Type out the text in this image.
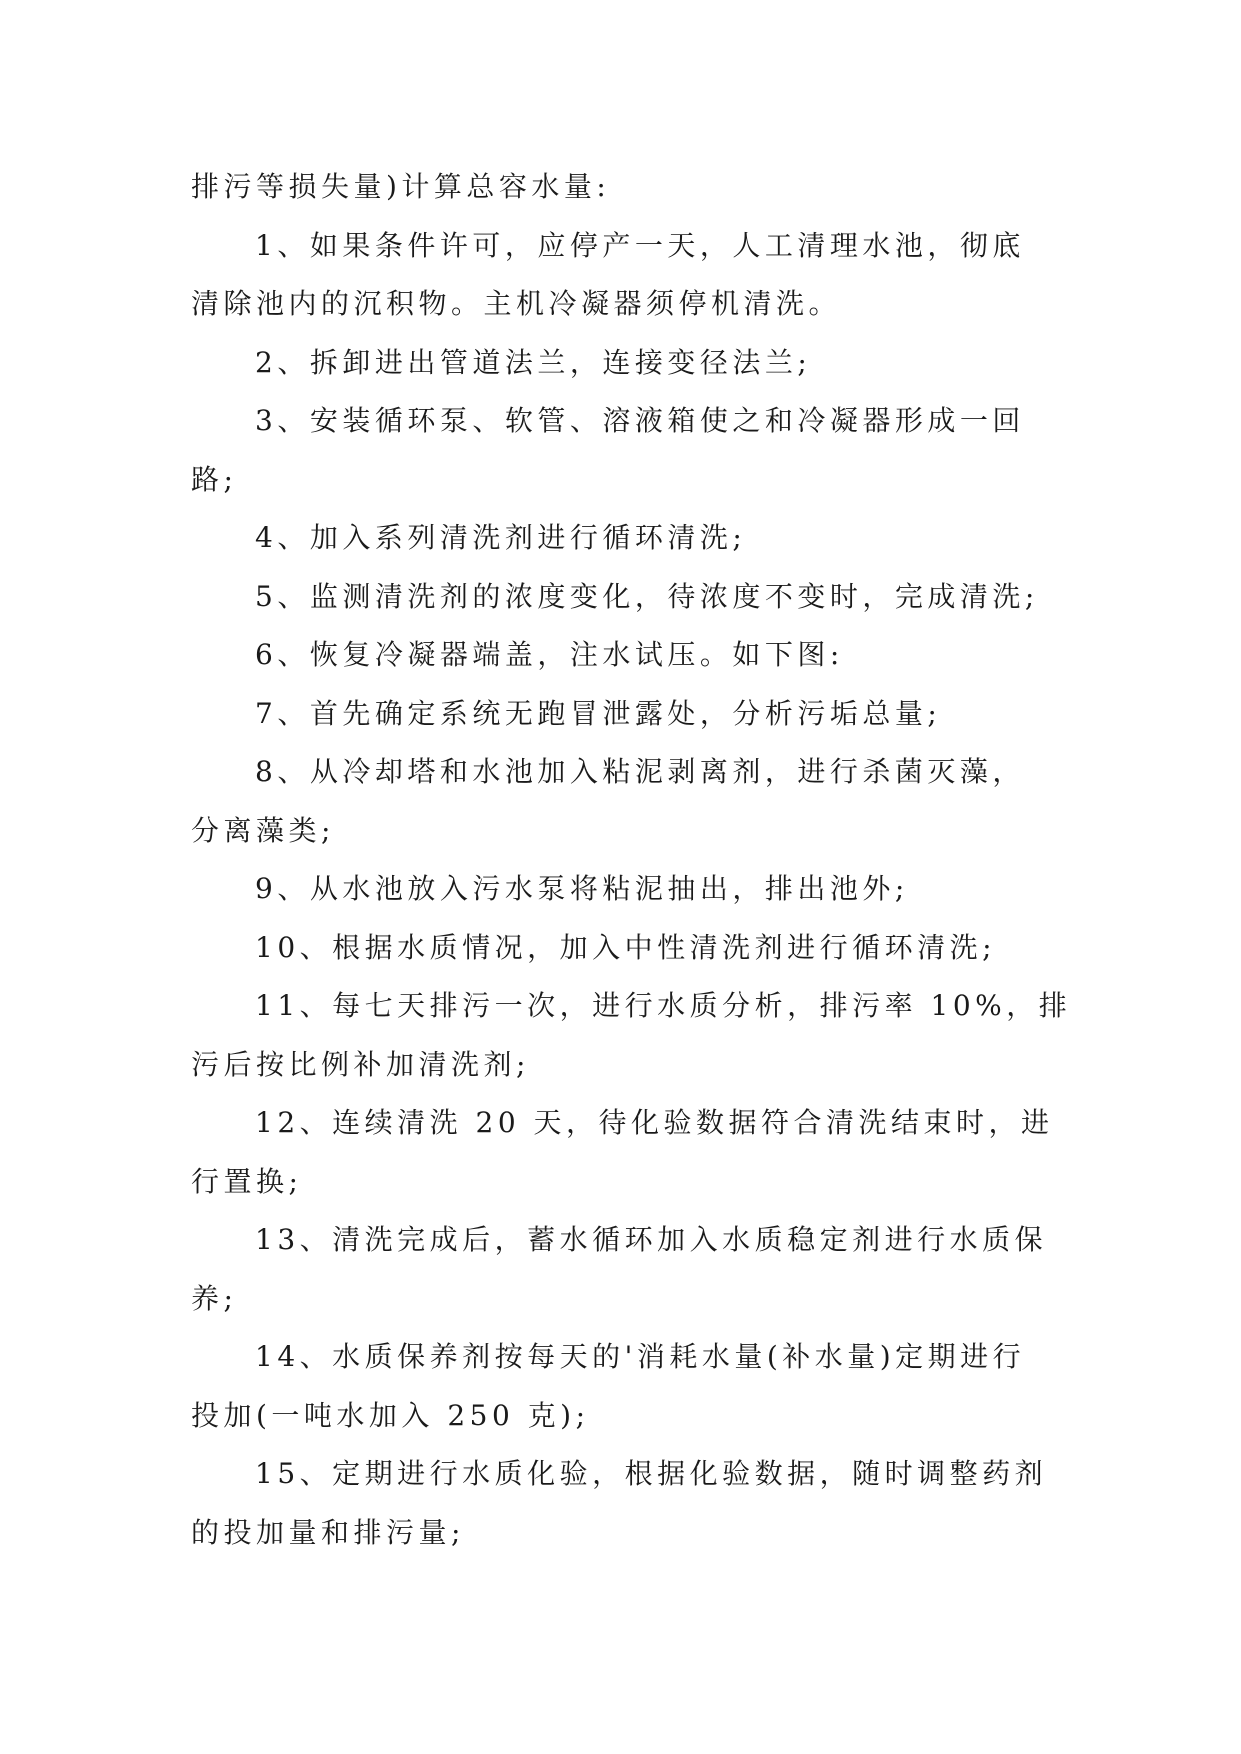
排污等损失量)计算总容水量:
1、如果条件许可，应停产一天，人工清理水池，彻底
清除池内的沉积物。主机冷凝器须停机清洗。
2、拆卸进出管道法兰，连接变径法兰;
3、安装循环泵、软管、溶液箱使之和冷凝器形成一回
路;
4、加入系列清洗剂进行循环清洗;
5、监测清洗剂的浓度变化，待浓度不变时，完成清洗;
6、恢复冷凝器端盖，注水试压。如下图:
7、首先确定系统无跑冒泄露处，分析污垢总量;
8、从冷却塔和水池加入粘泥剥离剂，进行杀菌灭藻，
分离藻类;
9、从水池放入污水泵将粘泥抽出，排出池外;
10、根据水质情况，加入中性清洗剂进行循环清洗;
11、每七天排污一次，进行水质分析，排污率 10%，排
污后按比例补加清洗剂;
12、连续清洗 20 天，待化验数据符合清洗结束时，进
行置换;
13、清洗完成后，蓄水循环加入水质稳定剂进行水质保
养;
14、水质保养剂按每天的'消耗水量(补水量)定期进行
投加(一吨水加入 250 克);
15、定期进行水质化验，根据化验数据，随时调整药剂
的投加量和排污量;
